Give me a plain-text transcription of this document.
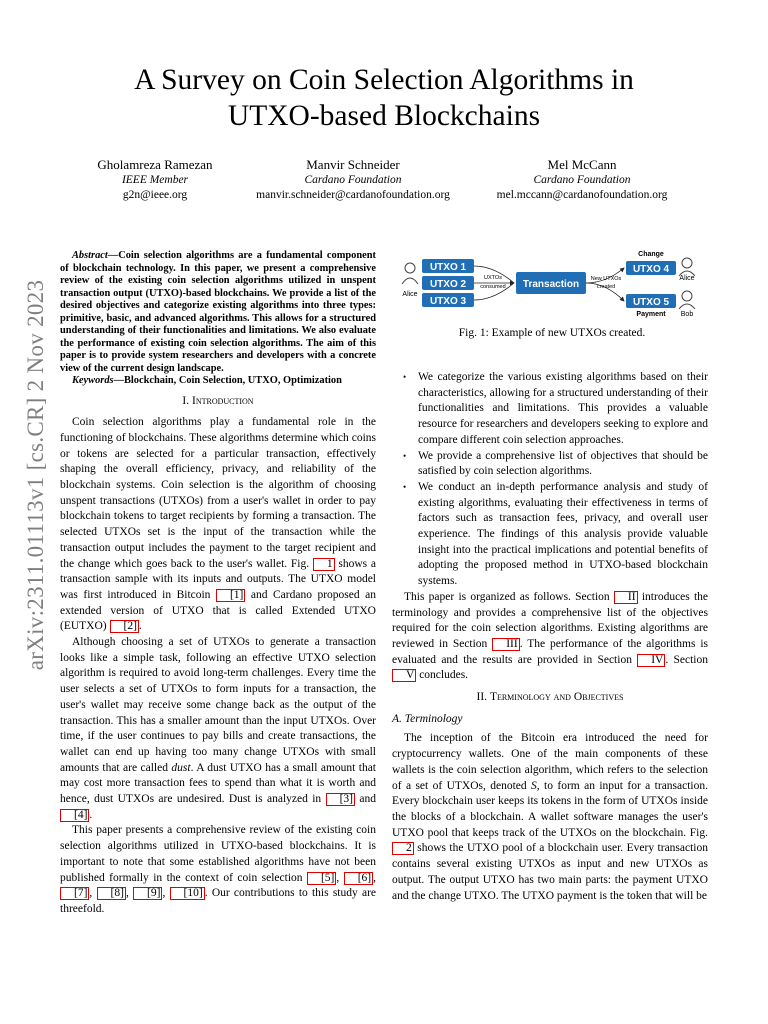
arXiv:2311.01113v1 [cs.CR] 2 Nov 2023
A Survey on Coin Selection Algorithms in
UTXO-based Blockchains
Gholamreza Ramezan
IEEE Member
g2n@ieee.org
Manvir Schneider
Cardano Foundation
manvir.schneider@cardanofoundation.org
Mel McCann
Cardano Foundation
mel.mccann@cardanofoundation.org

Abstract—Coin selection algorithms are a fundamental component of blockchain technology. In this paper, we present a comprehensive review of the existing coin selection algorithms utilized in unspent transaction output (UTXO)-based blockchains. We provide a list of the desired objectives and categorize existing algorithms into three types: primitive, basic, and advanced algorithms. This allows for a structured understanding of their functionalities and limitations. We also evaluate the performance of existing coin selection algorithms. The aim of this paper is to provide system researchers and developers with a concrete view of the current design landscape.

Keywords—Blockchain, Coin Selection, UTXO, Optimization

I. Introduction

Coin selection algorithms play a fundamental role in the functioning of blockchains. These algorithms determine which coins or tokens are selected for a particular transaction, effectively shaping the overall efficiency, privacy, and reliability of the blockchain systems. Coin selection is the algorithm of choosing unspent transactions (UTXOs) from a user's wallet in order to pay blockchain tokens to target recipients by forming a transaction. The selected UTXOs set is the input of the transaction while the transaction output includes the payment to the target recipient and the change which goes back to the user's wallet. Fig. 1 shows a transaction sample with its inputs and outputs. The UTXO model was first introduced in Bitcoin [1] and Cardano proposed an extended version of UTXO that is called Extended UTXO (EUTXO) [2] .

Although choosing a set of UTXOs to generate a transaction looks like a simple task, following an effective UTXO selection algorithm is required to avoid long-term challenges. Every time the user selects a set of UTXOs to form inputs for a transaction, the user's wallet may receive some change back as the output of the transaction. This has a smaller amount than the input UTXOs. Over time, if the user continues to pay bills and create transactions, the wallet can end up having too many change UTXOs with small amounts that are called dust. A dust UTXO has a small amount that may cost more transaction fees to spend than what it is worth and hence, dust UTXOs are undesired. Dust is analyzed in [3] and [4] .

This paper presents a comprehensive review of the existing coin selection algorithms utilized in UTXO-based blockchains. It is important to note that some established algorithms have not been published formally in the context of coin selection [5] , [6] , [7] , [8] , [9] , [10] . Our contributions to this study are threefold.

Alice
UTXO 1
UTXO 2
UTXO 3
UXTOs
consumed Transaction New UTXOs
created
Change
UTXO 4
UTXO 5
Payment
Alice
Bob
Fig. 1: Example of new UTXOs created.
• We categorize the various existing algorithms based on their characteristics, allowing for a structured understanding of their functionalities and limitations. This provides a valuable resource for researchers and developers seeking to explore and compare different coin selection approaches.
• We provide a comprehensive list of objectives that should be satisfied by coin selection algorithms.
• We conduct an in-depth performance analysis and study of existing algorithms, evaluating their effectiveness in terms of factors such as transaction fees, privacy, and overall user experience. The findings of this analysis provide valuable insight into the practical implications and potential benefits of adopting the proposed method in UTXO-based blockchain systems.

This paper is organized as follows. Section II introduces the terminology and provides a comprehensive list of the objectives required for the coin selection algorithms. Existing algorithms are reviewed in Section III . The performance of the algorithms is evaluated and the results are provided in Section IV . Section V concludes.

II. Terminology and Objectives
A. Terminology

The inception of the Bitcoin era introduced the need for cryptocurrency wallets. One of the main components of these wallets is the coin selection algorithm, which refers to the selection of a set of UTXOs, denoted S, to form an input for a transaction. Every blockchain user keeps its tokens in the form of UTXOs inside the blocks of a blockchain. A wallet software manages the user's UTXO pool that keeps track of the UTXOs on the blockchain. Fig. 2 shows the UTXO pool of a blockchain user. Every transaction contains several existing UTXOs as input and new UTXOs as output. The output UTXO has two main parts: the payment UTXO and the change UTXO. The UTXO payment is the token that will be
